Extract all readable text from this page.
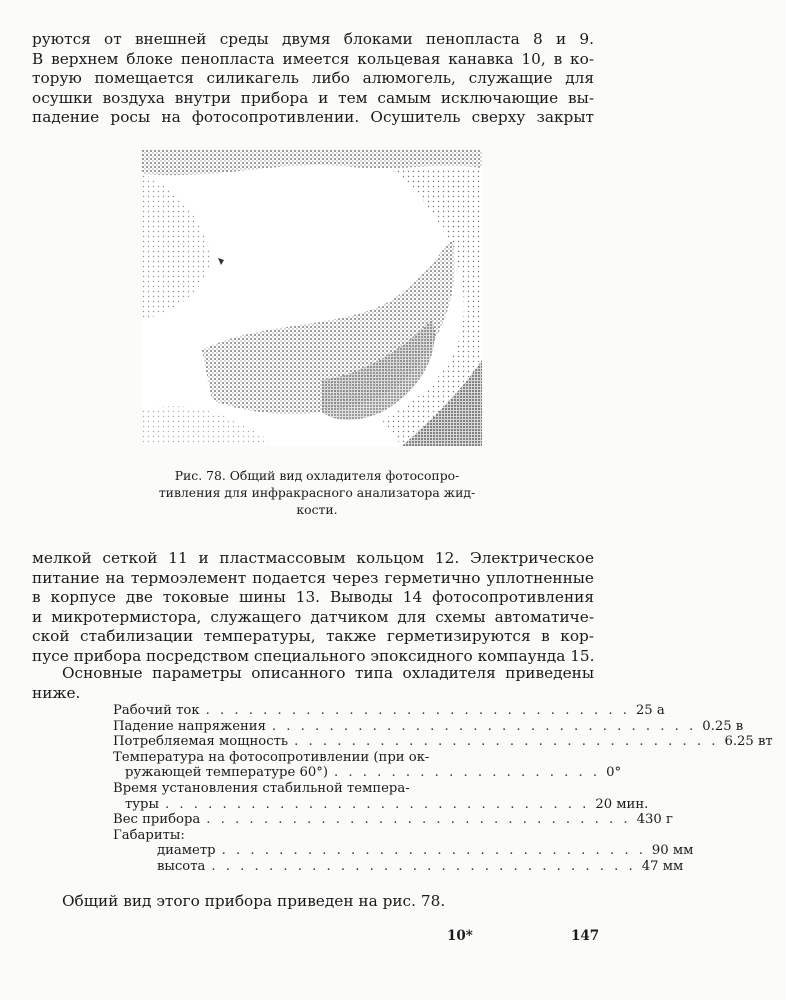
руются от внешней среды двумя блоками пенопласта 8 и 9.
В верхнем блоке пенопласта имеется кольцевая канавка 10, в ко-
торую помещается силикагель либо алюмогель, служащие для
осушки воздуха внутри прибора и тем самым исключающие вы-
падение росы на фотосопротивлении. Осушитель сверху закрыт
Рис. 78. Общий вид охладителя фотосопро-
тивления для инфракрасного анализатора жид-
кости.
мелкой сеткой 11 и пластмассовым кольцом 12. Электрическое
питание на термоэлемент подается через герметично уплотненные
в корпусе две токовые шины 13. Выводы 14 фотосопротивления
и микротермистора, служащего датчиком для схемы автоматиче-
ской стабилизации температуры, также герметизируются в кор-
пусе прибора посредством специального эпоксидного компаунда 15.
Основные параметры описанного типа охладителя приведены
ниже.
Рабочий ток . . . . . . . . . . . . . . . . . . . . . . . . . . . . . . 25 а
Падение напряжения . . . . . . . . . . . . . . . . . . . . . . . . . . . . . . 0.25 в
Потребляемая мощность . . . . . . . . . . . . . . . . . . . . . . . . . . . . . . 6.25 вт
Температура на фотосопротивлении (при ок-
ружающей температуре 60°) . . . . . . . . . . . . . . . . . . . 0°
Время установления стабильной темпера-
туры . . . . . . . . . . . . . . . . . . . . . . . . . . . . . . 20 мин.
Вес прибора . . . . . . . . . . . . . . . . . . . . . . . . . . . . . . 430 г
Габариты:
диаметр . . . . . . . . . . . . . . . . . . . . . . . . . . . . . . 90 мм
высота . . . . . . . . . . . . . . . . . . . . . . . . . . . . . . 47 мм
Общий вид этого прибора приведен на рис. 78.
10*	147
